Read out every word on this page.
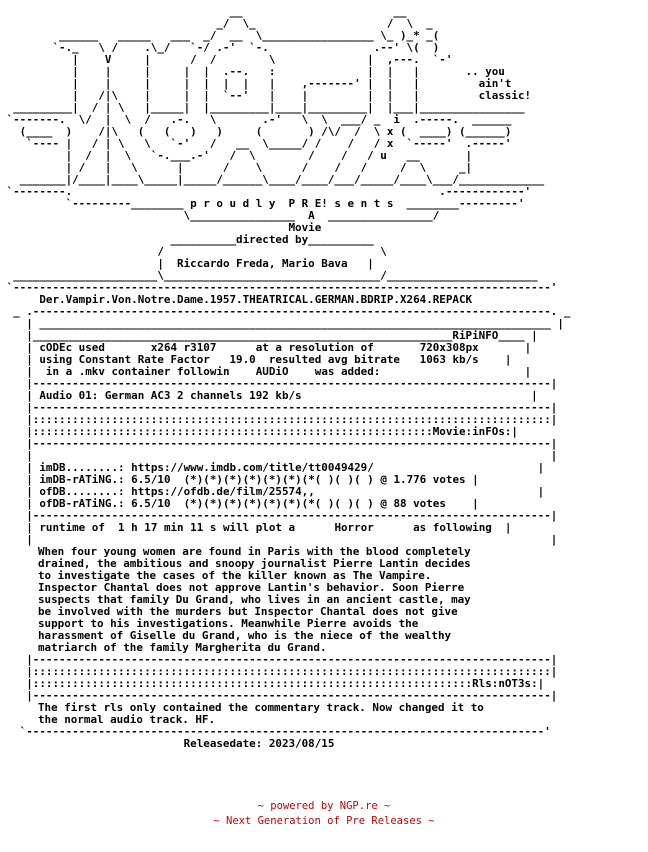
__                       __
_/  \_                    /  \  _
______   _____   ___  _/  __  \_________________ \_ )_* _(
`-._   \ /    .\_/   `-/ .-'  `-.                .--' \(  )
|    V     |      /  /        \              |  ,---.  `-'
|    |     |     |  |  .--.   :              |  |   |       .. you
|    |     |     |  |  |  |   |    ,-------' |  |   |         ain't
|   /|\    |     |  |  `--'   |    |         |  |   |         classic!
_________|  / | \   |_____|  |_________|____|_________|  |___|________________
`-------.  \/  |  \  /   .-.   \       .-'   \  \  ___/ _  i  .-----.  ______
(____  )    /|\   (   (   )   )     (       ) /\/  /  \ x (  ____) (______)
`---- |   / | \   \   `-'   /   __  \_____/ /    /   / x  `-----'  .-----'
|  /  |  \   `-.___.-'   /  \        /    /   / u   __       |
| /   |   \      |      /    \      /    /   /     /  \     _|
_______|/____|____\_____|_____/______\____/____/___/_____/____\___/_____________
`--------.                                                        .------------'
`---------________ p r o u d l y  P R E! s e n t s  ________---------'
\________________  A  ________________/
Movie
__________directed by__________
/                                 \
|  Riccardo Freda, Mario Bava   |
______________________\_________________________________/_______________________
`----------------------------------------------------------------------------------'
Der.Vampir.Von.Notre.Dame.1957.THEATRICAL.GERMAN.BDRIP.X264.REPACK
_ .-------------------------------------------------------------------------------. _
| ______________________________________________________________________________ |
|________________________________________________________________RiPiNFO____ |
| cODEc used	x264 r3107	at a resolution of	720x308px	|
| using Constant Rate Factor 19.0 resulted avg bitrate 1063 kb/s    |
|  in a .mkv container followin AUDiO was added:	|
|-------------------------------------------------------------------------------|
| Audio 01: German AC3 2 channels 192 kb/s	|
|-------------------------------------------------------------------------------|
|:::::::::::::::::::::::::::::::::::::::::::::::::::::::::::::::::::::::::::::::|
|:::::::::::::::::::::::::::::::::::::::::::::::::::::::::::::Movie:inFOs:|
|-------------------------------------------------------------------------------|
|                                                                               |
| imDB........: https://www.imdb.com/title/tt0049429/	|
| imDB-rATiNG.: 6.5/10 (*)(*)(*)(*)(*)(*)(*( )( )( ) @ 1.776 votes |
| ofDB........: https://ofdb.de/film/25574,,	|
| ofDB-rATiNG.: 6.5/10 (*)(*)(*)(*)(*)(*)(*( )( )( ) @ 88 votes    |
|-------------------------------------------------------------------------------|
| runtime of 1 h 17 min 11 s will plot a	Horror	as following  |
|                                                                               |
When four young women are found in Paris with the blood completely
drained, the ambitious and snoopy journalist Pierre Lantin decides
to investigate the cases of the killer known as The Vampire.
Inspector Chantal does not approve Lantin's behavior. Soon Pierre
suspects that family Du Grand, who lives in an ancient castle, may
be involved with the murders but Inspector Chantal does not give
support to his investigations. Meanwhile Pierre avoids the
harassment of Giselle du Grand, who is the niece of the wealthy
matriarch of the family Margherita du Grand.
|-------------------------------------------------------------------------------|
|:::::::::::::::::::::::::::::::::::::::::::::::::::::::::::::::::::::::::::::::|
|:::::::::::::::::::::::::::::::::::::::::::::::::::::::::::::::::::Rls:nOT3s:|
|-------------------------------------------------------------------------------|
The first rls only contained the commentary track. Now changed it to
the normal audio track. HF.
`-------------------------------------------------------------------------------'
Releasedate: 2023/08/15
~ powered by NGP.re ~
~ Next Generation of Pre Releases ~
